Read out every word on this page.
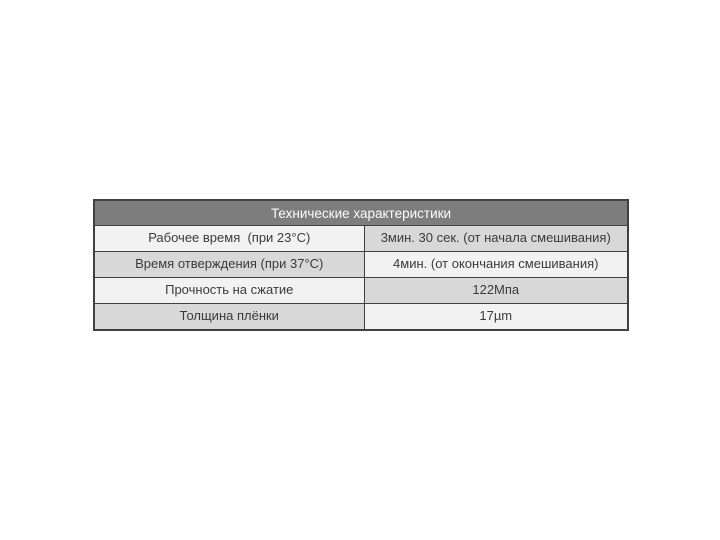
Технические характеристики	
Рабочее время  (при 23°C)	3мин. 30 сек. (от начала смешивания)
Время отверждения (при 37°C)	4мин. (от окончания смешивания)
Прочность на сжатие	122Мпа
Толщина плёнки	17µm
